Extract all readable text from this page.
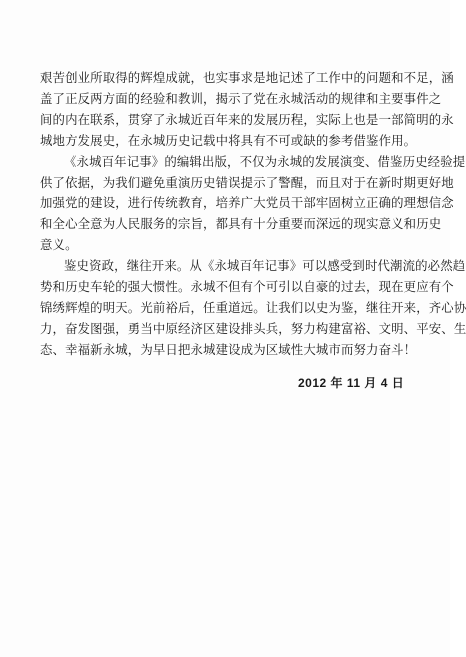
艰苦创业所取得的辉煌成就，也实事求是地记述了工作中的问题和不足，涵
盖了正反两方面的经验和教训，揭示了党在永城活动的规律和主要事件之
间的内在联系，贯穿了永城近百年来的发展历程，实际上也是一部简明的永
城地方发展史，在永城历史记载中将具有不可或缺的参考借鉴作用。
《永城百年记事》的编辑出版，不仅为永城的发展演变、借鉴历史经验提
供了依据，为我们避免重演历史错误提示了警醒，而且对于在新时期更好地
加强党的建设，进行传统教育，培养广大党员干部牢固树立正确的理想信念
和全心全意为人民服务的宗旨，都具有十分重要而深远的现实意义和历史
意义。
鉴史资政，继往开来。从《永城百年记事》可以感受到时代潮流的必然趋
势和历史车轮的强大惯性。永城不但有个可引以自豪的过去，现在更应有个
锦绣辉煌的明天。光前裕后，任重道远。让我们以史为鉴，继往开来，齐心协
力，奋发图强，勇当中原经济区建设排头兵，努力构建富裕、文明、平安、生
态、幸福新永城，为早日把永城建设成为区域性大城市而努力奋斗！
2012 年 11 月 4 日
